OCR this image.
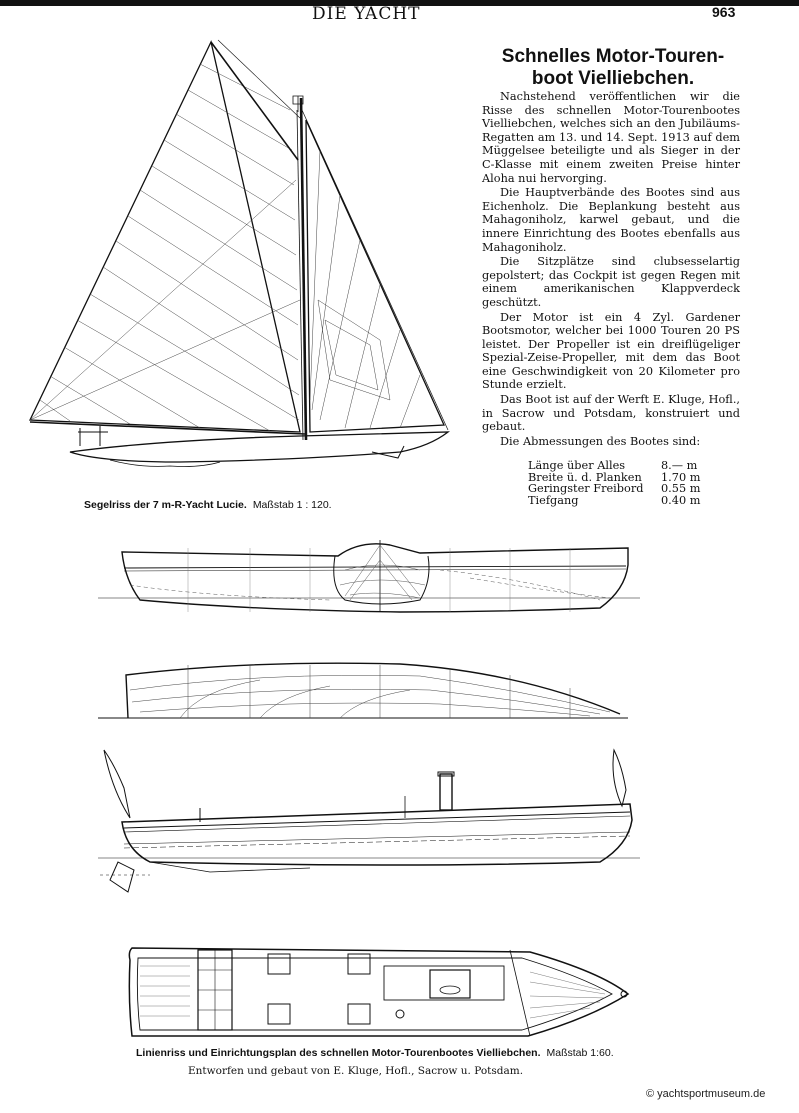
DIE YACHT	963
Schnelles Motor-Touren-
boot Vielliebchen.

Nachstehend veröffentlichen wir die Risse des schnellen Motor-Tourenbootes Vielliebchen, welches sich an den Jubiläums-Regatten am 13. und 14. Sept. 1913 auf dem Müggelsee beteiligte und als Sieger in der C-Klasse mit einem zweiten Preise hinter Aloha nui hervorging.

Die Hauptverbände des Bootes sind aus Eichenholz. Die Beplankung besteht aus Mahagoniholz, karwel gebaut, und die innere Einrichtung des Bootes ebenfalls aus Mahagoniholz.

Die Sitzplätze sind clubsesselartig gepolstert; das Cockpit ist gegen Regen mit einem amerikanischen Klappverdeck geschützt.

Der Motor ist ein 4 Zyl. Gardener Bootsmotor, welcher bei 1000 Touren 20 PS leistet. Der Propeller ist ein dreiflügeliger Spezial-Zeise-Propeller, mit dem das Boot eine Geschwindigkeit von 20 Kilometer pro Stunde erzielt.

Das Boot ist auf der Werft E. Kluge, Hofl., in Sacrow und Potsdam, konstruiert und gebaut.

Die Abmessungen des Bootes sind:

Länge über Alles	8.— m
Breite ü. d. Planken	1.70 m
Geringster Freibord	0.55 m
Tiefgang	0.40 m
Segelriss der 7 m-R-Yacht Lucie. Maßstab 1 : 120.
Linienriss und Einrichtungsplan des schnellen Motor-Tourenbootes Vielliebchen. Maßstab 1:60.
Entworfen und gebaut von E. Kluge, Hofl., Sacrow u. Potsdam.
© yachtsportmuseum.de
